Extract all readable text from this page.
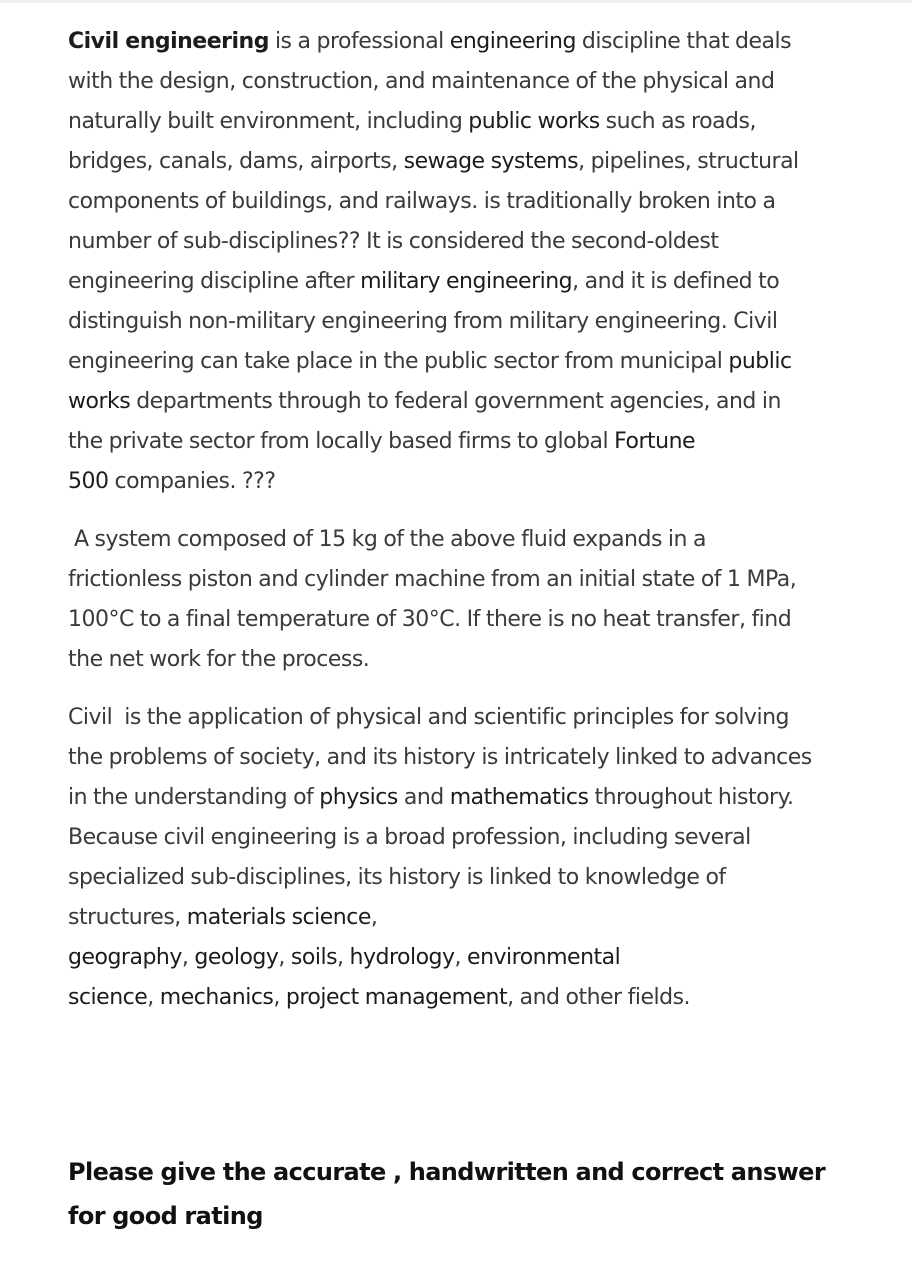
Civil engineering is a professional engineering discipline that deals
with the design, construction, and maintenance of the physical and
naturally built environment, including public works such as roads,
bridges, canals, dams, airports, sewage systems, pipelines, structural
components of buildings, and railways. is traditionally broken into a
number of sub-disciplines?? It is considered the second-oldest
engineering discipline after military engineering, and it is defined to
distinguish non-military engineering from military engineering. Civil
engineering can take place in the public sector from municipal public
works departments through to federal government agencies, and in
the private sector from locally based firms to global Fortune
500 companies. ???

A system composed of 15 kg of the above fluid expands in a
frictionless piston and cylinder machine from an initial state of 1 MPa,
100°C to a final temperature of 30°C. If there is no heat transfer, find
the net work for the process.

Civil  is the application of physical and scientific principles for solving
the problems of society, and its history is intricately linked to advances
in the understanding of physics and mathematics throughout history.
Because civil engineering is a broad profession, including several
specialized sub-disciplines, its history is linked to knowledge of
structures, materials science,
geography, geology, soils, hydrology, environmental
science, mechanics, project management, and other fields.

Please give the accurate , handwritten and correct answer
for good rating
